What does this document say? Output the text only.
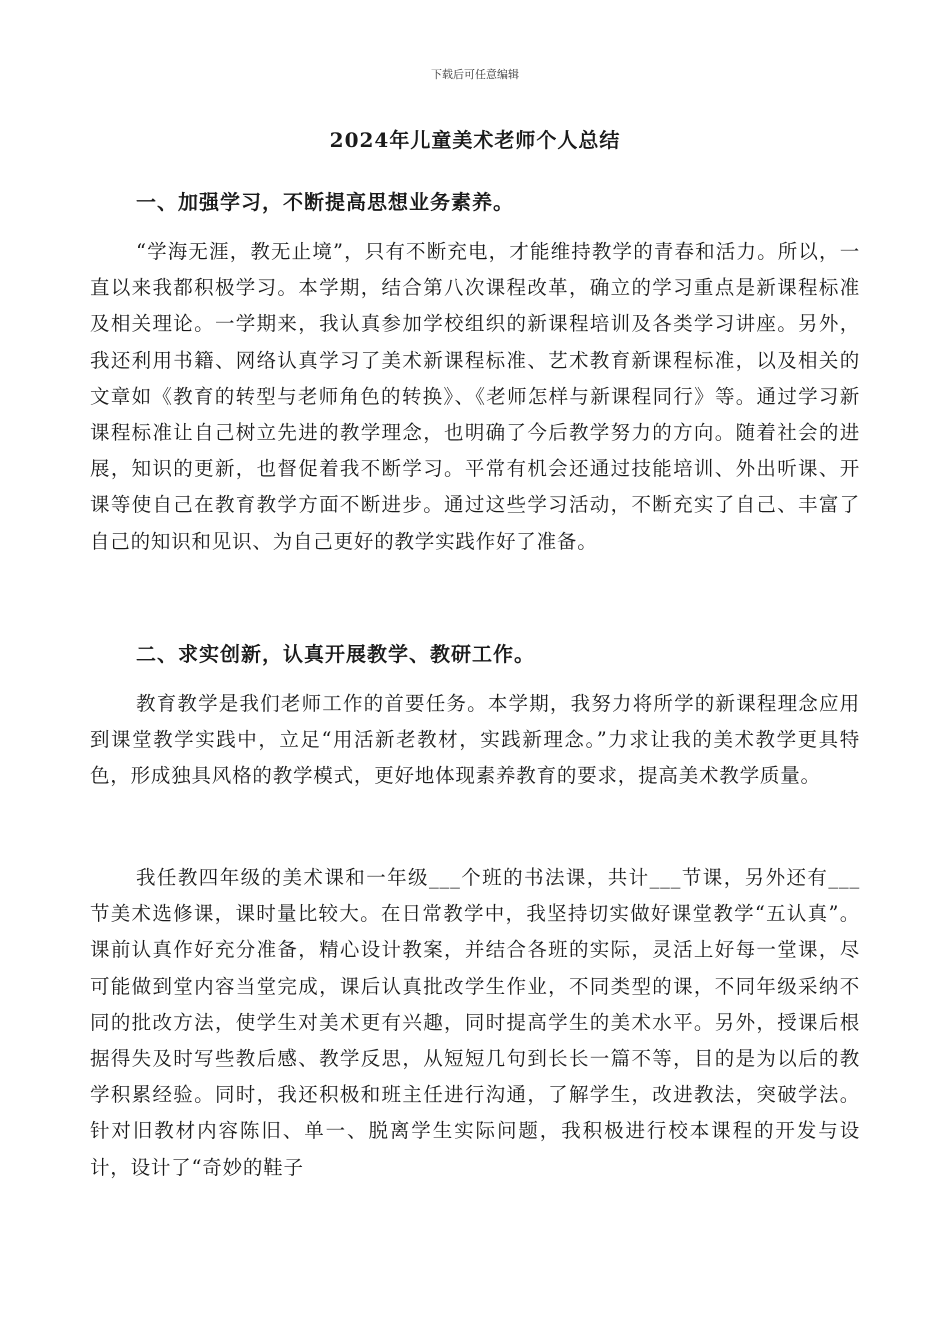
下载后可任意编辑
2024年儿童美术老师个人总结
一、加强学习，不断提高思想业务素养。

“学海无涯，教无止境”，只有不断充电，才能维持教学的青春和活力。所以，一直以来我都积极学习。本学期，结合第八次课程改革，确立的学习重点是新课程标准及相关理论。一学期来，我认真参加学校组织的新课程培训及各类学习讲座。另外，我还利用书籍、网络认真学习了美术新课程标准、艺术教育新课程标准，以及相关的文章如《教育的转型与老师角色的转换》、《老师怎样与新课程同行》等。通过学习新课程标准让自己树立先进的教学理念，也明确了今后教学努力的方向。随着社会的进展，知识的更新，也督促着我不断学习。平常有机会还通过技能培训、外出听课、开课等使自己在教育教学方面不断进步。通过这些学习活动，不断充实了自己、丰富了自己的知识和见识、为自己更好的教学实践作好了准备。

二、求实创新，认真开展教学、教研工作。

教育教学是我们老师工作的首要任务。本学期，我努力将所学的新课程理念应用到课堂教学实践中，立足“用活新老教材，实践新理念。”力求让我的美术教学更具特色，形成独具风格的教学模式，更好地体现素养教育的要求，提高美术教学质量。

我任教四年级的美术课和一年级___个班的书法课，共计___节课，另外还有___节美术选修课，课时量比较大。在日常教学中，我坚持切实做好课堂教学“五认真”。课前认真作好充分准备，精心设计教案，并结合各班的实际，灵活上好每一堂课，尽可能做到堂内容当堂完成，课后认真批改学生作业，不同类型的课，不同年级采纳不同的批改方法，使学生对美术更有兴趣，同时提高学生的美术水平。另外，授课后根据得失及时写些教后感、教学反思，从短短几句到长长一篇不等，目的是为以后的教学积累经验。同时，我还积极和班主任进行沟通，了解学生，改进教法，突破学法。针对旧教材内容陈旧、单一、脱离学生实际问题，我积极进行校本课程的开发与设计，设计了“奇妙的鞋子
